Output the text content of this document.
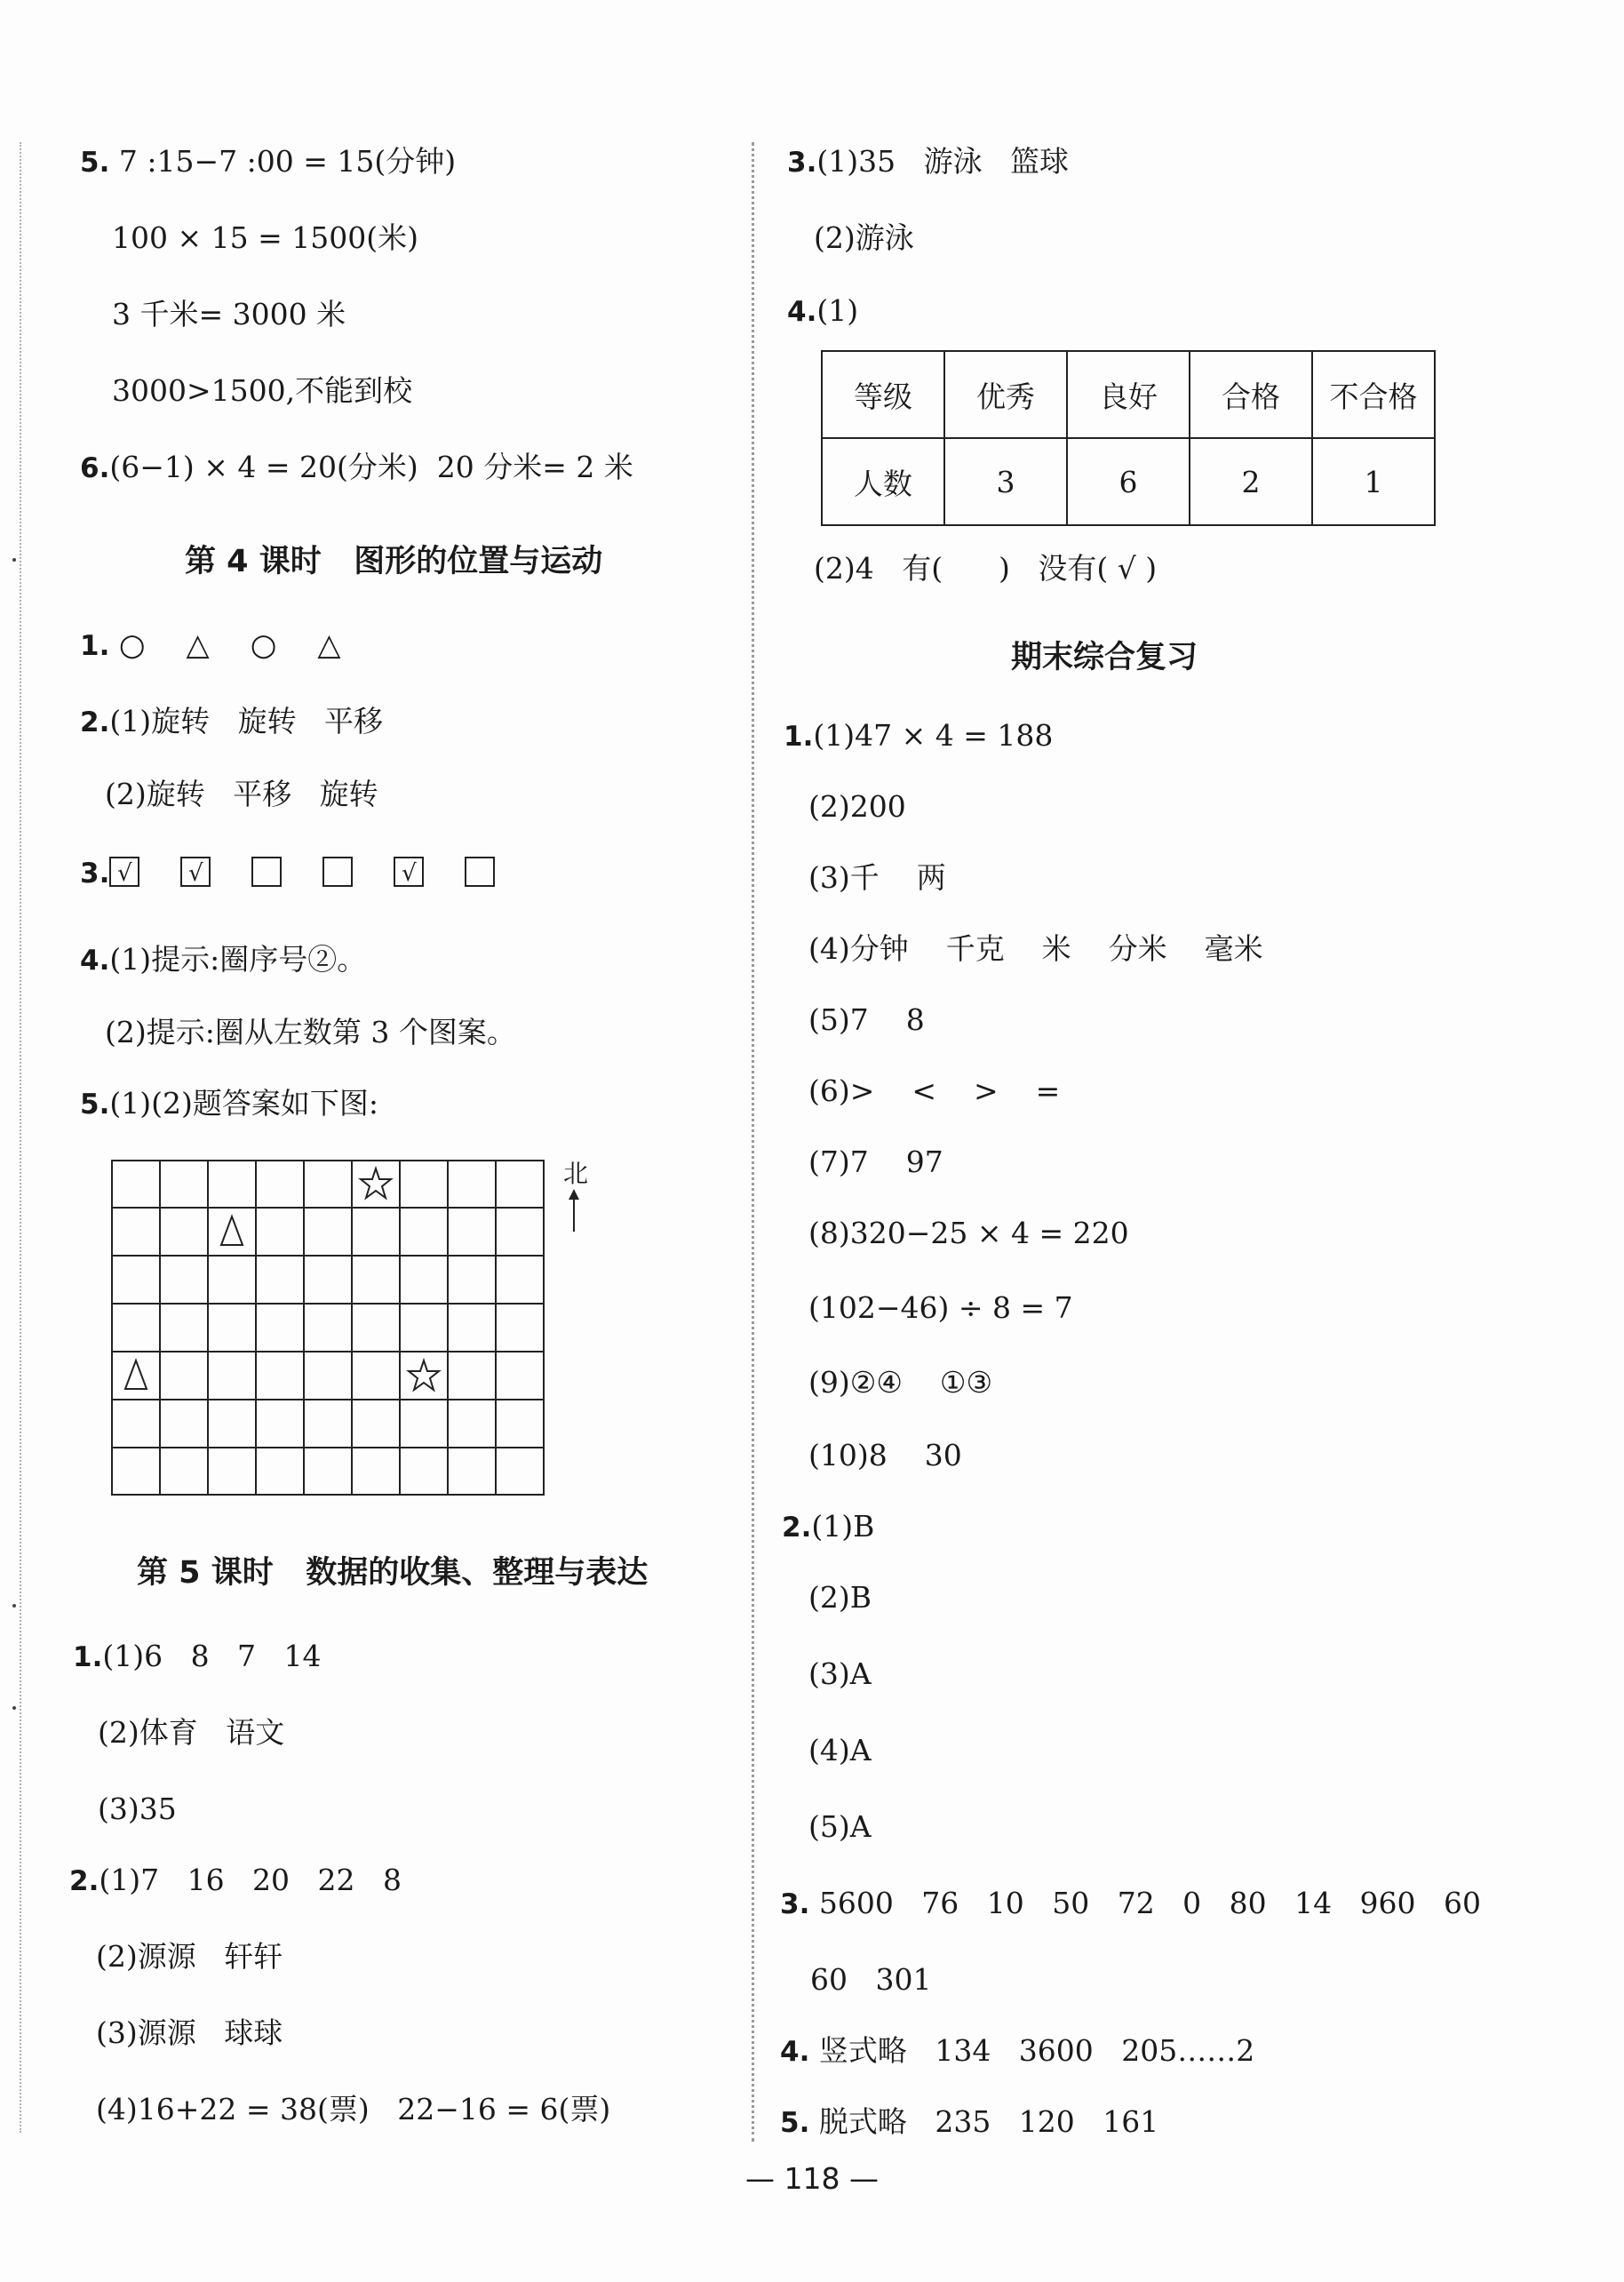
5. 7 :15−7 :00 = 15(分钟)
100 × 15 = 1500(米)
3 千米= 3000 米
3000>1500,不能到校
6.(6−1) × 4 = 20(分米)  20 分米= 2 米
第 4 课时   图形的位置与运动
1. ○ △ ○ △
2.(1)旋转   旋转   平移
(2)旋转   平移   旋转
3. √ √	√
4.(1)提示:圈序号②。
(2)提示:圈从左数第 3 个图案。
5.(1)(2)题答案如下图:
北
第 5 课时   数据的收集、整理与表达
1.(1)6   8   7   14
(2)体育   语文
(3)35
2.(1)7   16   20   22   8
(2)源源   轩轩
(3)源源   球球
(4)16+22 = 38(票)   22−16 = 6(票)
3.(1)35   游泳   篮球
(2)游泳
4.(1)
等级	优秀	良好	合格	不合格
人数	3	6	2	1
(2)4   有(      )   没有( √ )
期末综合复习
1.(1)47 × 4 = 188
(2)200
(3)千    两
(4)分钟    千克    米    分米    毫米
(5)7    8
(6)>    <    >    =
(7)7    97
(8)320−25 × 4 = 220
(102−46) ÷ 8 = 7
(9)②④    ①③
(10)8    30
2.(1)B
(2)B
(3)A
(4)A
(5)A
3. 5600   76   10   50   72   0   80   14   960   60
60   301
4. 竖式略   134   3600   205……2
5. 脱式略   235   120   161
— 118 —
